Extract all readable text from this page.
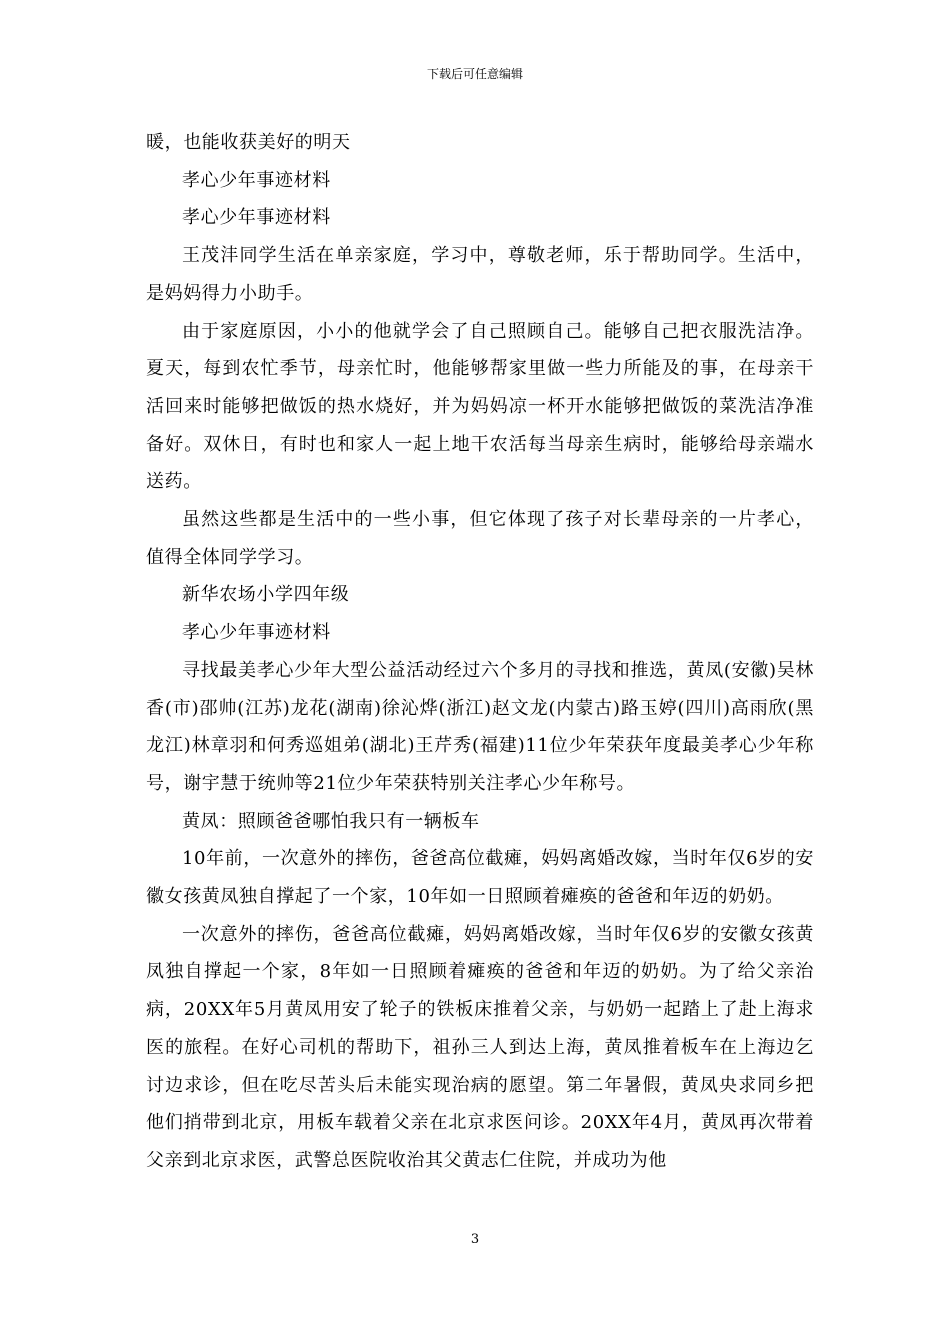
下载后可任意编辑

暖，也能收获美好的明天

孝心少年事迹材料

孝心少年事迹材料

王茂沣同学生活在单亲家庭，学习中，尊敬老师，乐于帮助同学。生活中，是妈妈得力小助手。

由于家庭原因，小小的他就学会了自己照顾自己。能够自己把衣服洗洁净。夏天，每到农忙季节，母亲忙时，他能够帮家里做一些力所能及的事，在母亲干活回来时能够把做饭的热水烧好，并为妈妈凉一杯开水能够把做饭的菜洗洁净准备好。双休日，有时也和家人一起上地干农活每当母亲生病时，能够给母亲端水送药。

虽然这些都是生活中的一些小事，但它体现了孩子对长辈母亲的一片孝心，值得全体同学学习。

新华农场小学四年级

孝心少年事迹材料

寻找最美孝心少年大型公益活动经过六个多月的寻找和推选，黄凤(安徽)吴林香(市)邵帅(江苏)龙花(湖南)徐沁烨(浙江)赵文龙(内蒙古)路玉婷(四川)高雨欣(黑龙江)林章羽和何秀巡姐弟(湖北)王芹秀(福建)11位少年荣获年度最美孝心少年称号，谢宇慧于统帅等21位少年荣获特别关注孝心少年称号。

黄凤：照顾爸爸哪怕我只有一辆板车

10年前，一次意外的摔伤，爸爸高位截瘫，妈妈离婚改嫁，当时年仅6岁的安徽女孩黄凤独自撑起了一个家，10年如一日照顾着瘫痪的爸爸和年迈的奶奶。

一次意外的摔伤，爸爸高位截瘫，妈妈离婚改嫁，当时年仅6岁的安徽女孩黄凤独自撑起一个家，8年如一日照顾着瘫痪的爸爸和年迈的奶奶。为了给父亲治病，20XX年5月黄凤用安了轮子的铁板床推着父亲，与奶奶一起踏上了赴上海求医的旅程。在好心司机的帮助下，祖孙三人到达上海，黄凤推着板车在上海边乞讨边求诊，但在吃尽苦头后未能实现治病的愿望。第二年暑假，黄凤央求同乡把他们捎带到北京，用板车载着父亲在北京求医问诊。20XX年4月，黄凤再次带着父亲到北京求医，武警总医院收治其父黄志仁住院，并成功为他

3
